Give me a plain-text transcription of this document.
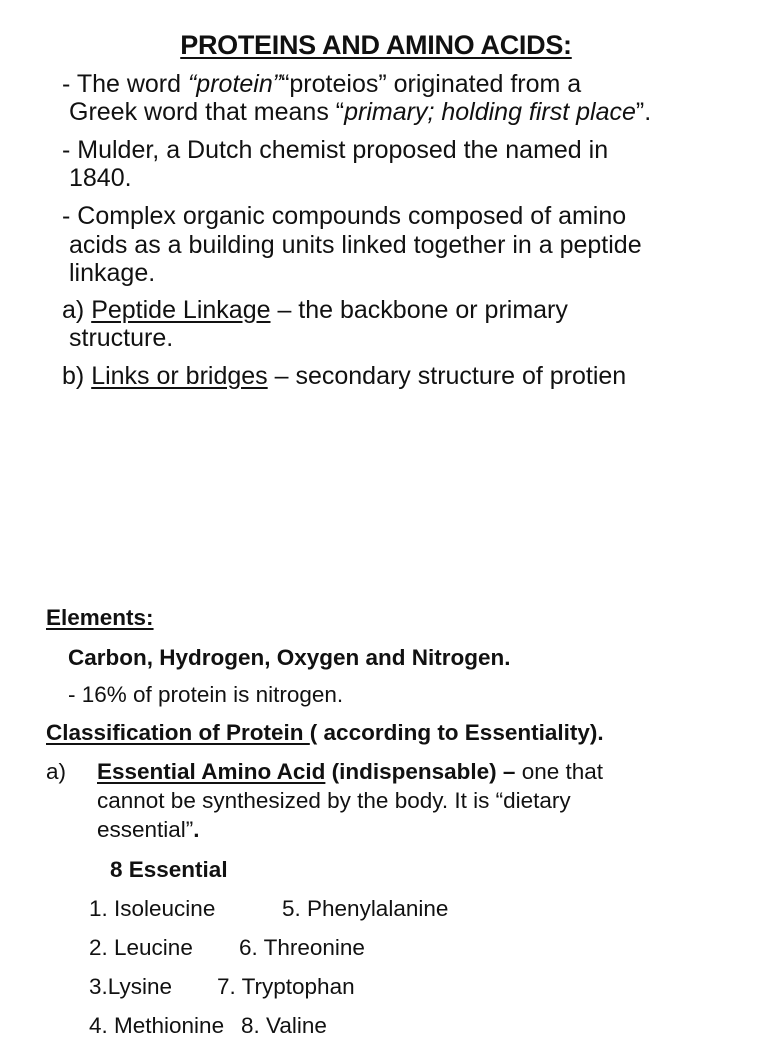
PROTEINS AND AMINO ACIDS:
- The word “protein”“proteios” originated from a
Greek word that means “primary; holding first place”.
- Mulder, a Dutch chemist proposed the named in
1840.
- Complex organic compounds composed of amino
acids as a building units linked together in a peptide
linkage.
a) Peptide Linkage – the backbone or primary
structure.
b) Links or bridges – secondary structure of protien
Elements:
Carbon, Hydrogen, Oxygen and Nitrogen.
- 16% of protein is nitrogen.
Classification of Protein ( according to Essentiality).
a) Essential Amino Acid (indispensable) – one that
cannot be synthesized by the body. It is “dietary
essential”.
8 Essential
1. Isoleucine	5. Phenylalanine
2. Leucine 6. Threonine
3.Lysine 7. Tryptophan
4. Methionine 8. Valine
